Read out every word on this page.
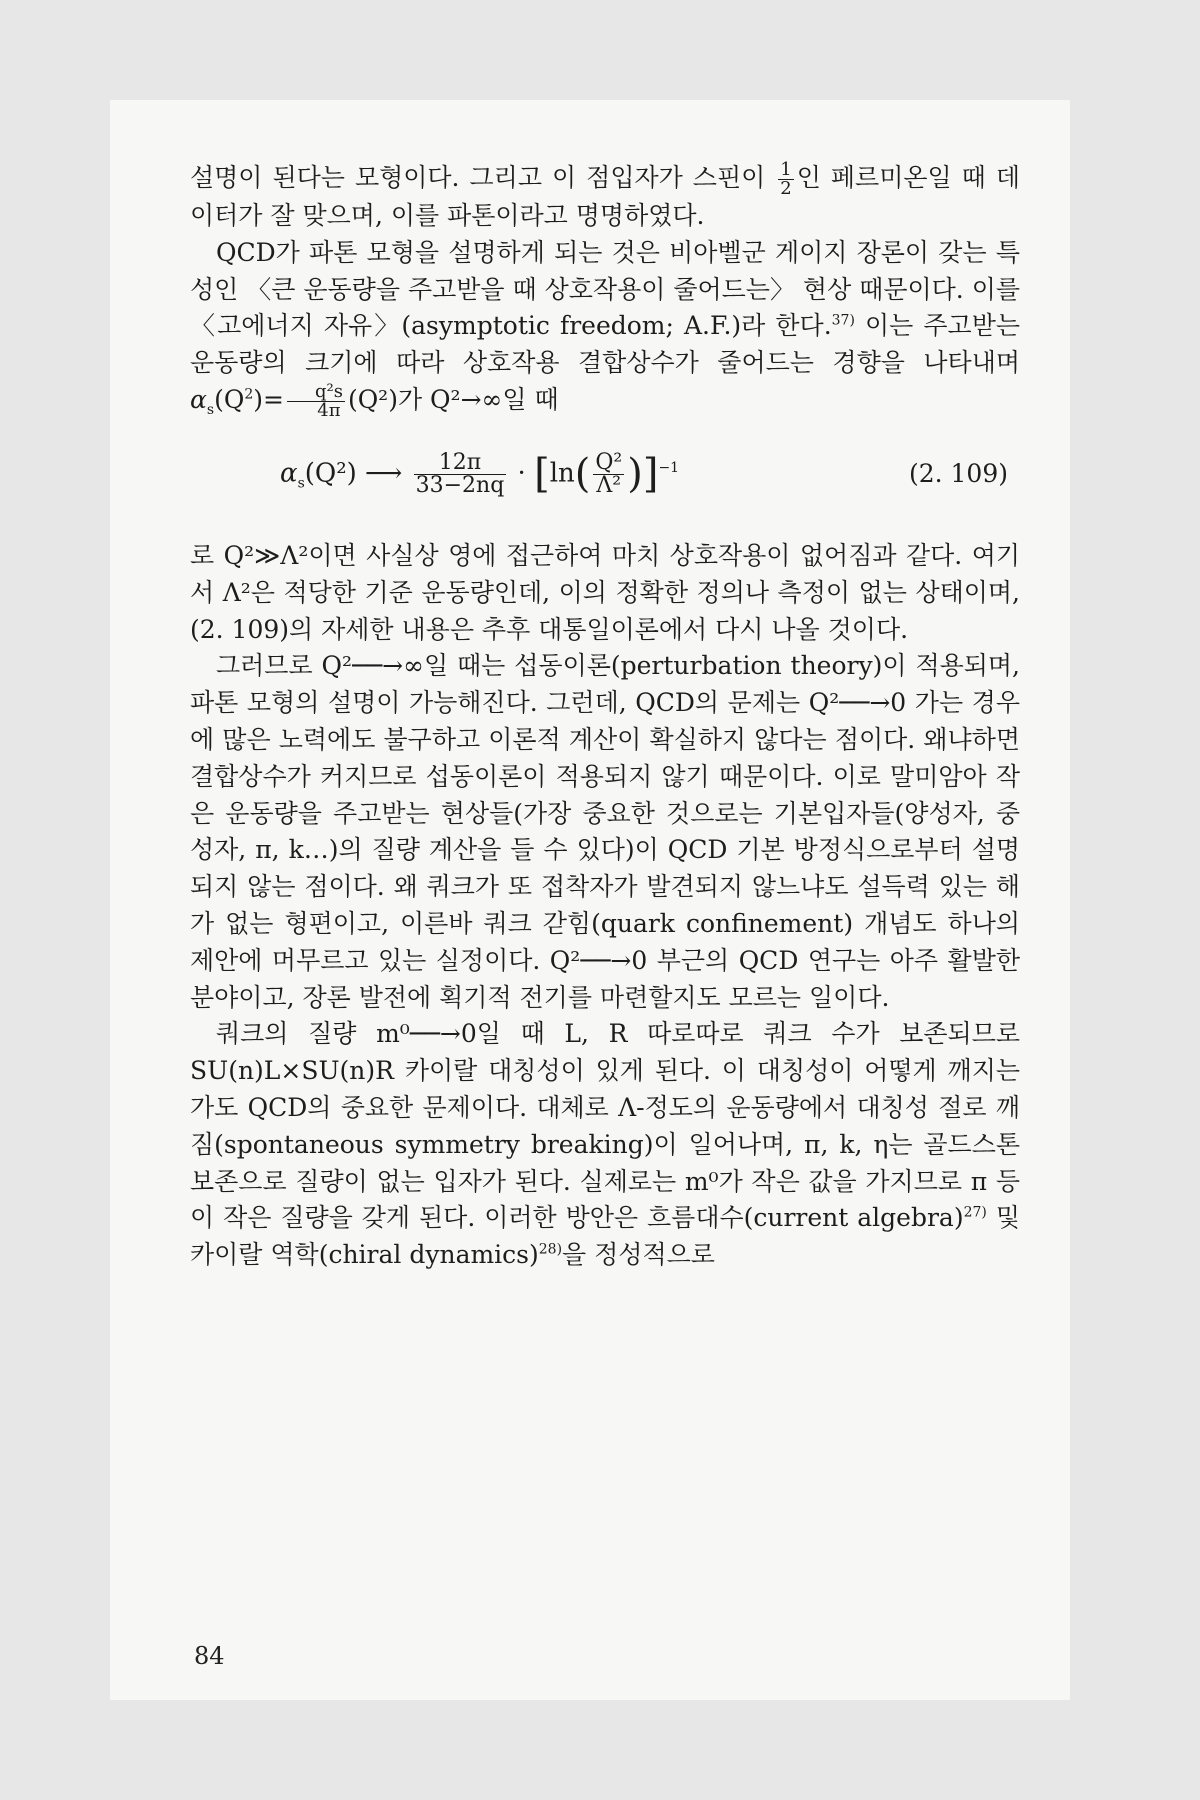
설명이 된다는 모형이다. 그리고 이 점입자가 스핀이 $\frac{1}{2}$ 인 페르미온일 때 데이터가 잘 맞으며, 이를 파톤이라고 명명하였다.

QCD가 파톤 모형을 설명하게 되는 것은 비아벨군 게이지 장론이 갖는 특성인 〈큰 운동량을 주고받을 때 상호작용이 줄어드는〉 현상 때문이다. 이를 〈고에너지 자유〉(asymptotic freedom; A.F.)라 한다.$^{37)}$ 이는 주고받는 운동량의 크기에 따라 상호작용 결합상수가 줄어드는 경향을 나타내며 $\alpha_s(Q^2)= \frac{\text{q²s}}{4\pi} (Q^2)$가 Q²→∞일 때

$\alpha_s(Q^2)$ ⟶ $\frac{12\pi}{33-2nq} \cdot [\ln( \frac{\text{Q²}}{\text{Λ²}} )]^{-1}$	(2. 109)

로 Q²≫Λ²이면 사실상 영에 접근하여 마치 상호작용이 없어짐과 같다. 여기서 Λ²은 적당한 기준 운동량인데, 이의 정확한 정의나 측정이 없는 상태이며, (2. 109)의 자세한 내용은 추후 대통일이론에서 다시 나올 것이다.

그러므로 Q²──→∞일 때는 섭동이론(perturbation theory)이 적용되며, 파톤 모형의 설명이 가능해진다. 그런데, QCD의 문제는 Q²──→0 가는 경우에 많은 노력에도 불구하고 이론적 계산이 확실하지 않다는 점이다. 왜냐하면 결합상수가 커지므로 섭동이론이 적용되지 않기 때문이다. 이로 말미암아 작은 운동량을 주고받는 현상들(가장 중요한 것으로는 기본입자들(양성자, 중성자, π, k…)의 질량 계산을 들 수 있다)이 QCD 기본 방정식으로부터 설명되지 않는 점이다. 왜 쿼크가 또 접착자가 발견되지 않느냐도 설득력 있는 해가 없는 형편이고, 이른바 쿼크 갇힘(quark confinement) 개념도 하나의 제안에 머무르고 있는 실정이다. Q²──→0 부근의 QCD 연구는 아주 활발한 분야이고, 장론 발전에 획기적 전기를 마련할지도 모르는 일이다.

쿼크의 질량 m⁰──→0일 때 L, R 따로따로 쿼크 수가 보존되므로 SU(n)L×SU(n)R 카이랄 대칭성이 있게 된다. 이 대칭성이 어떻게 깨지는가도 QCD의 중요한 문제이다. 대체로 Λ-정도의 운동량에서 대칭성 절로 깨짐(spontaneous symmetry breaking)이 일어나며, π, k, η는 골드스톤 보존으로 질량이 없는 입자가 된다. 실제로는 m⁰가 작은 값을 가지므로 π 등이 작은 질량을 갖게 된다. 이러한 방안은 흐름대수(current algebra)$^{27)}$ 및 카이랄 역학(chiral dynamics)$^{28)}$을 정성적으로

84
